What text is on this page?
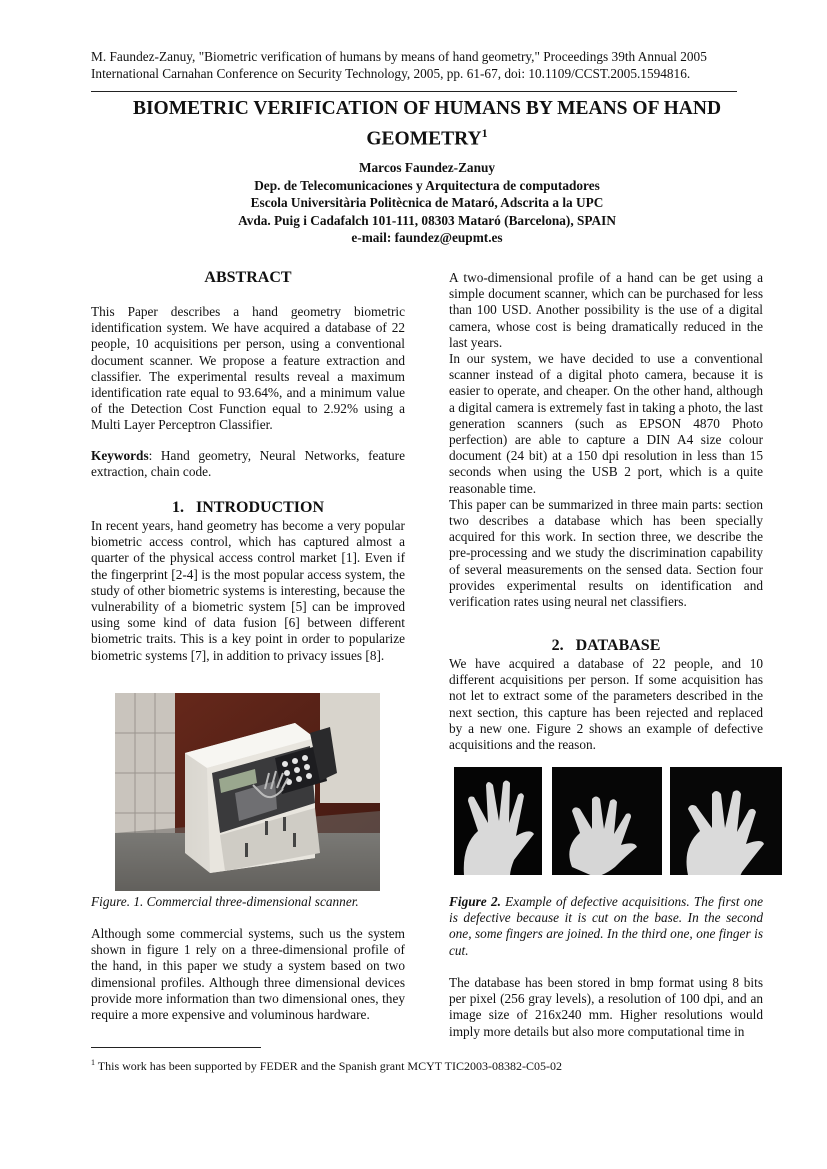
M. Faundez-Zanuy, "Biometric verification of humans by means of hand geometry," Proceedings 39th Annual 2005 International Carnahan Conference on Security Technology, 2005, pp. 61-67, doi: 10.1109/CCST.2005.1594816.
BIOMETRIC VERIFICATION OF HUMANS BY MEANS OF HAND GEOMETRY$^1$
Marcos Faundez-Zanuy
Dep. de Telecomunicaciones y Arquitectura de computadores
Escola Universitària Politècnica de Mataró, Adscrita a la UPC
Avda. Puig i Cadafalch 101-111, 08303 Mataró (Barcelona), SPAIN
e-mail: faundez@eupmt.es
ABSTRACT

This Paper describes a hand geometry biometric identification system. We have acquired a database of 22 people, 10 acquisitions per person, using a conventional document scanner. We propose a feature extraction and classifier. The experimental results reveal a maximum identification rate equal to 93.64%, and a minimum value of the Detection Cost Function equal to 2.92% using a Multi Layer Perceptron Classifier.

Keywords: Hand geometry, Neural Networks, feature extraction, chain code.

1.   INTRODUCTION

In recent years, hand geometry has become a very popular biometric access control, which has captured almost a quarter of the physical access control market [1]. Even if the fingerprint [2-4] is the most popular access system, the study of other biometric systems is interesting, because the vulnerability of a biometric system [5] can be improved using some kind of data fusion [6] between different biometric traits. This is a key point in order to popularize biometric systems [7], in addition to privacy issues [8].

Figure. 1. Commercial three-dimensional scanner.

Although some commercial systems, such us the system shown in figure 1 rely on a three-dimensional profile of the hand, in this paper we study a system based on two dimensional profiles. Although three dimensional devices provide more information than two dimensional ones, they require a more expensive and voluminous hardware.

A two-dimensional profile of a hand can be get using a simple document scanner, which can be purchased for less than 100 USD. Another possibility is the use of a digital camera, whose cost is being dramatically reduced in the last years.

In our system, we have decided to use a conventional scanner instead of a digital photo camera, because it is easier to operate, and cheaper. On the other hand, although a digital camera is extremely fast in taking a photo, the last generation scanners (such as EPSON 4870 Photo perfection) are able to capture a DIN A4 size colour document (24 bit) at a 150 dpi resolution in less than 15 seconds when using the USB 2 port, which is a quite reasonable time.

This paper can be summarized in three main parts: section two describes a database which has been specially acquired for this work. In section three, we describe the pre-processing and we study the discrimination capability of several measurements on the sensed data. Section four provides experimental results on identification and verification rates using neural net classifiers.

2.   DATABASE

We have acquired a database of 22 people, and 10 different acquisitions per person. If some acquisition has not let to extract some of the parameters described in the next section, this capture has been rejected and replaced by a new one. Figure 2 shows an example of defective acquisitions and the reason.

Figure 2. Example of defective acquisitions. The first one is defective because it is cut on the base. In the second one, some fingers are joined. In the third one, one finger is cut.

The database has been stored in bmp format using 8 bits per pixel (256 gray levels), a resolution of 100 dpi, and an image size of 216x240 mm. Higher resolutions would imply more details but also more computational time in

$^1$ This work has been supported by FEDER and the Spanish grant MCYT TIC2003-08382-C05-02
